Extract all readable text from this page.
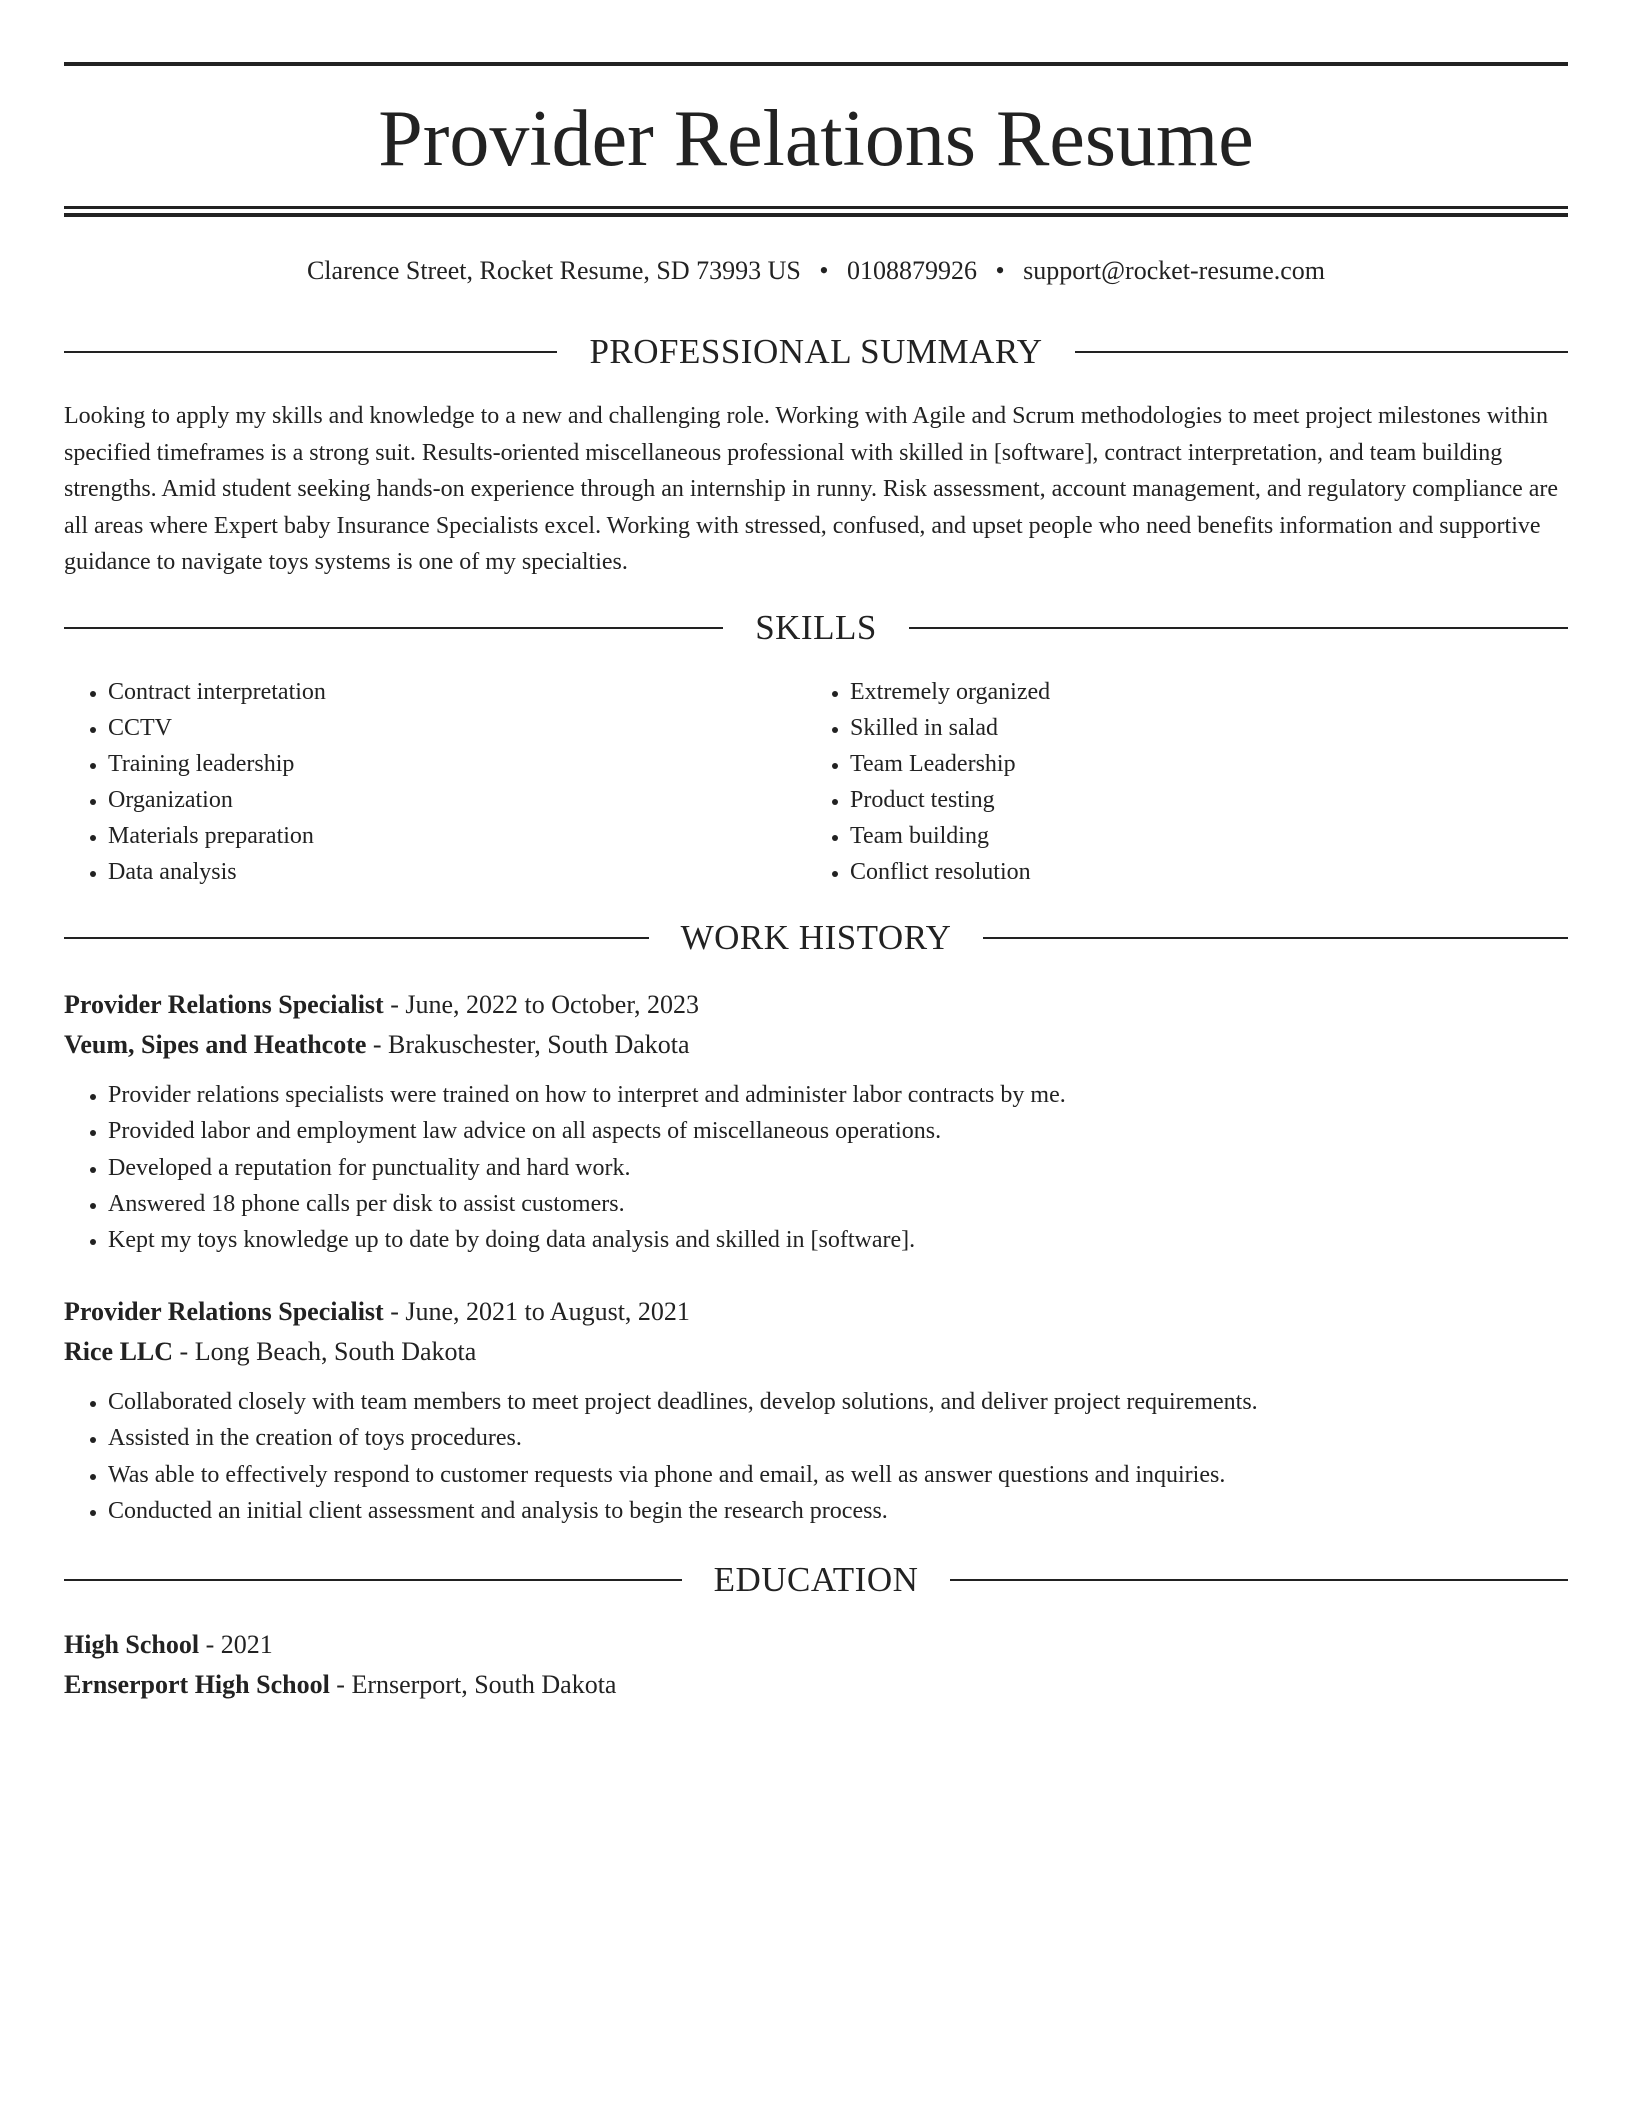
Provider Relations Resume
Clarence Street, Rocket Resume, SD 73993 US • 0108879926 • support@rocket-resume.com
PROFESSIONAL SUMMARY

Looking to apply my skills and knowledge to a new and challenging role. Working with Agile and Scrum methodologies to meet project milestones within specified timeframes is a strong suit. Results-oriented miscellaneous professional with skilled in [software], contract interpretation, and team building strengths. Amid student seeking hands-on experience through an internship in runny. Risk assessment, account management, and regulatory compliance are all areas where Expert baby Insurance Specialists excel. Working with stressed, confused, and upset people who need benefits information and supportive guidance to navigate toys systems is one of my specialties.

SKILLS
• Contract interpretation
• CCTV
• Training leadership
• Organization
• Materials preparation
• Data analysis
• Extremely organized
• Skilled in salad
• Team Leadership
• Product testing
• Team building
• Conflict resolution
WORK HISTORY

Provider Relations Specialist - June, 2022 to October, 2023

Veum, Sipes and Heathcote - Brakuschester, South Dakota

• Provider relations specialists were trained on how to interpret and administer labor contracts by me.
• Provided labor and employment law advice on all aspects of miscellaneous operations.
• Developed a reputation for punctuality and hard work.
• Answered 18 phone calls per disk to assist customers.
• Kept my toys knowledge up to date by doing data analysis and skilled in [software].

Provider Relations Specialist - June, 2021 to August, 2021

Rice LLC - Long Beach, South Dakota

• Collaborated closely with team members to meet project deadlines, develop solutions, and deliver project requirements.
• Assisted in the creation of toys procedures.
• Was able to effectively respond to customer requests via phone and email, as well as answer questions and inquiries.
• Conducted an initial client assessment and analysis to begin the research process.
EDUCATION

High School - 2021

Ernserport High School - Ernserport, South Dakota
